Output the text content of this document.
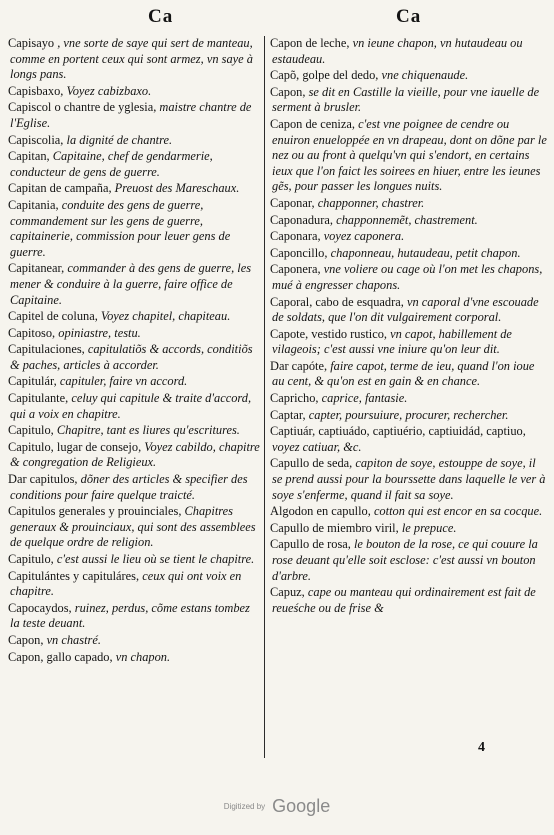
Ca	Ca

Capisayo , vne sorte de saye qui sert de manteau, comme en portent ceux qui sont armez, vn saye à longs pans.

Capisbaxo, Voyez cabizbaxo.

Capiscol o chantre de yglesia, maistre chantre de l'Eglise.

Capiscolia, la dignité de chantre.

Capitan, Capitaine, chef de gendarmerie, conducteur de gens de guerre.

Capitan de campaña, Preuost des Mareschaux.

Capitania, conduite des gens de guerre, commandement sur les gens de guerre, capitainerie, commission pour leuer gens de guerre.

Capitanear, commander à des gens de guerre, les mener & conduire à la guerre, faire office de Capitaine.

Capitel de coluna, Voyez chapitel, chapiteau.

Capitoso, opiniastre, testu.

Capitulaciones, capitulatiõs & accords, conditiõs & paches, articles à accorder.

Capitulár, capituler, faire vn accord.

Capitulante, celuy qui capitule & traite d'accord, qui a voix en chapitre.

Capitulo, Chapitre, tant es liures qu'escritures.

Capitulo, lugar de consejo, Voyez cabildo, chapitre & congregation de Religieux.

Dar capitulos, dõner des articles & specifier des conditions pour faire quelque traicté.

Capitulos generales y prouinciales, Chapitres generaux & prouinciaux, qui sont des assemblees de quelque ordre de religion.

Capitulo, c'est aussi le lieu où se tient le chapitre.

Capitulántes y capituláres, ceux qui ont voix en chapitre.

Capocaydos, ruinez, perdus, cõme estans tombez la teste deuant.

Capon, vn chastré.

Capon, gallo capado, vn chapon.

Capon de leche, vn ieune chapon, vn hutaudeau ou estaudeau.

Capõ, golpe del dedo, vne chiquenaude.

Capon, se dit en Castille la vieille, pour vne iauelle de serment à brusler.

Capon de ceniza, c'est vne poignee de cendre ou enuiron enueloppée en vn drapeau, dont on dõne par le nez ou au front à quelqu'vn qui s'endort, en certains ieux que l'on faict les soirees en hiuer, entre les ieunes gẽs, pour passer les longues nuits.

Caponar, chapponner, chastrer.

Caponadura, chapponnemẽt, chastrement.

Caponara, voyez caponera.

Caponcillo, chaponneau, hutaudeau, petit chapon.

Caponera, vne voliere ou cage où l'on met les chapons, mué à engresser chapons.

Caporal, cabo de esquadra, vn caporal d'vne escouade de soldats, que l'on dit vulgairement corporal.

Capote, vestido rustico, vn capot, habillement de vilageois; c'est aussi vne iniure qu'on leur dit.

Dar capóte, faire capot, terme de ieu, quand l'on ioue au cent, & qu'on est en gain & en chance.

Capricho, caprice, fantasie.

Captar, capter, poursuiure, procurer, rechercher.

Captiuár, captiuádo, captiuério, captiuidád, captiuo, voyez catiuar, &c.

Capullo de seda, capiton de soye, estouppe de soye, il se prend aussi pour la bourssette dans laquelle le ver à soye s'enferme, quand il fait sa soye.

Algodon en capullo, cotton qui est encor en sa cocque.

Capullo de miembro viril, le prepuce.

Capullo de rosa, le bouton de la rose, ce qui couure la rose deuant qu'elle soit esclose: c'est aussi vn bouton d'arbre.

Capuz, cape ou manteau qui ordinairement est fait de reueśche ou de frise &

4
Digitized by Google
